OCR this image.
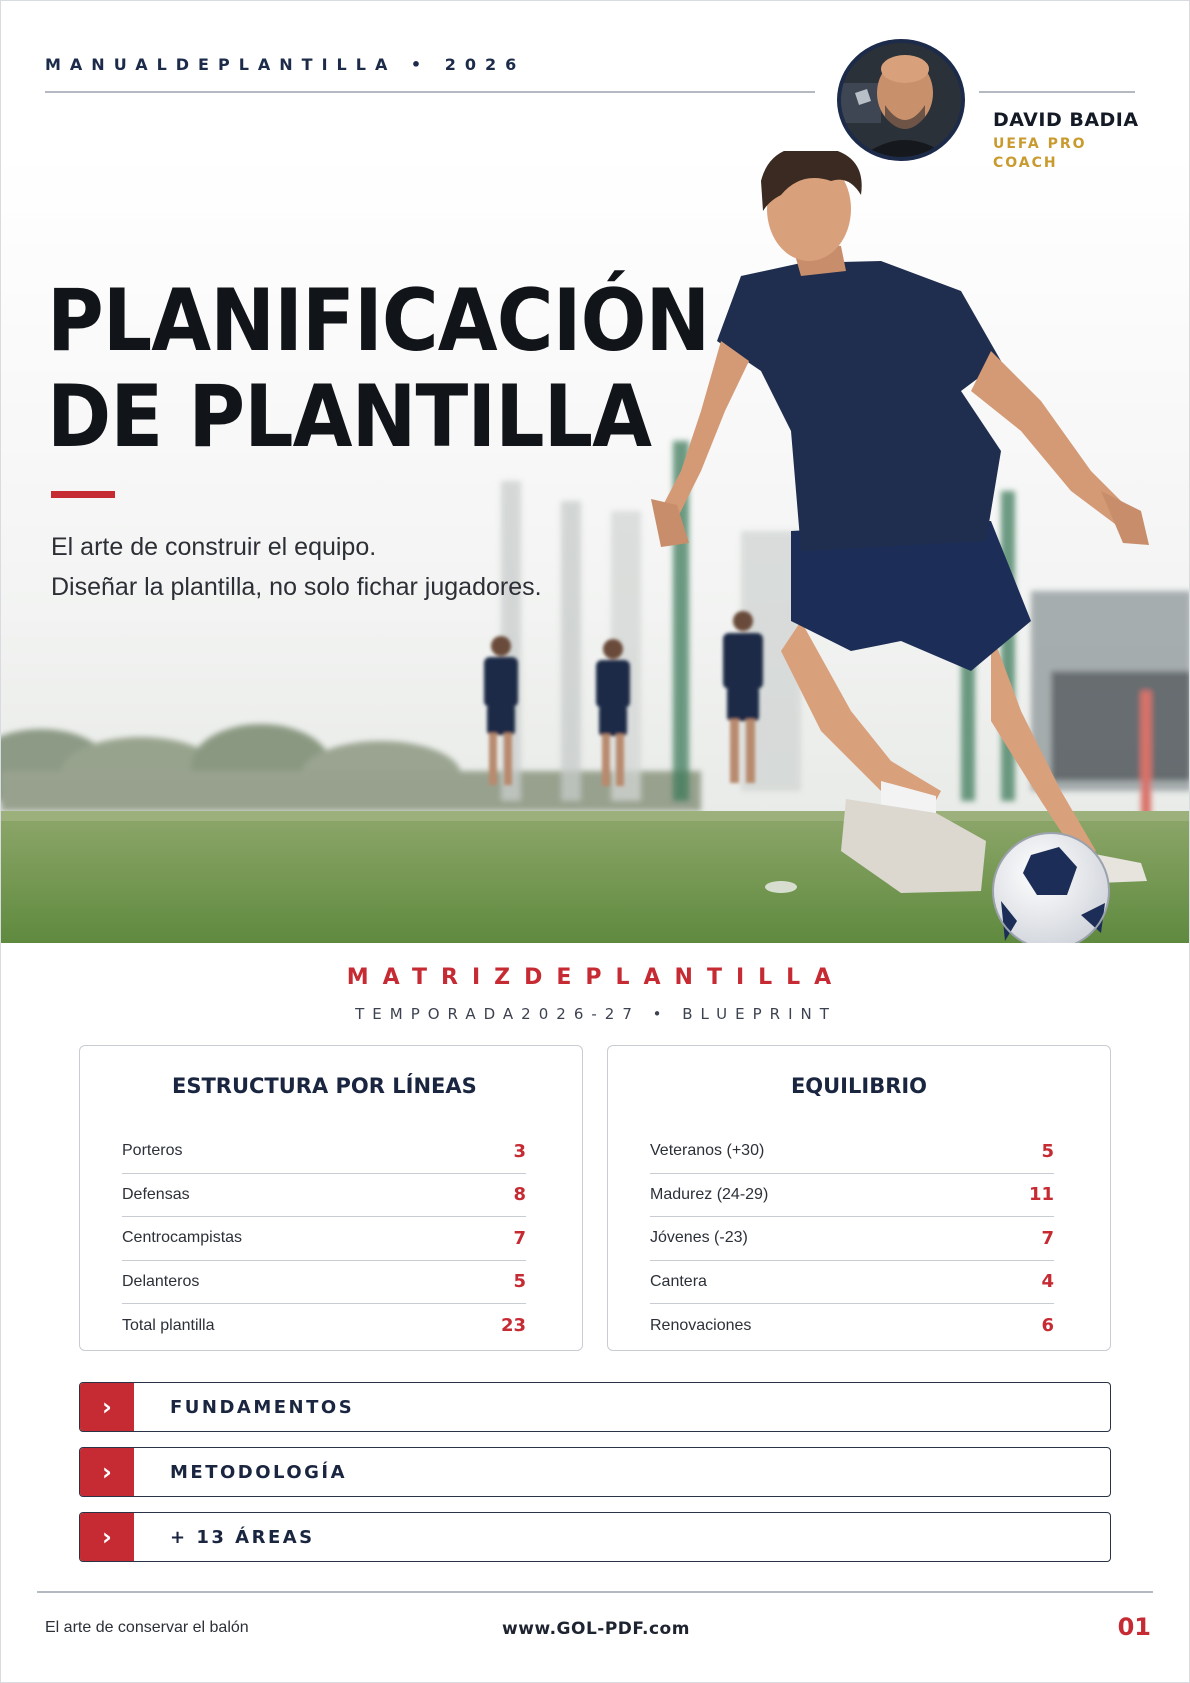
MANUALDEPLANTILLA • 2026
DAVID BADIA
UEFA PRO COACH
PLANIFICACIÓN
DE PLANTILLA
El arte de construir el equipo.
Diseñar la plantilla, no solo fichar jugadores.
MATRIZDEPLANTILLA
TEMPORADA2026-27 • BLUEPRINT
ESTRUCTURA POR LÍNEAS
Porteros	3
Defensas	8
Centrocampistas	7
Delanteros	5
Total plantilla	23
EQUILIBRIO
Veteranos (+30)	5
Madurez (24-29)	11
Jóvenes (-23)	7
Cantera	4
Renovaciones	6
›	FUNDAMENTOS
›	METODOLOGÍA
›	+ 13 ÁREAS
El arte de conservar el balón	www.GOL-PDF.com	01
